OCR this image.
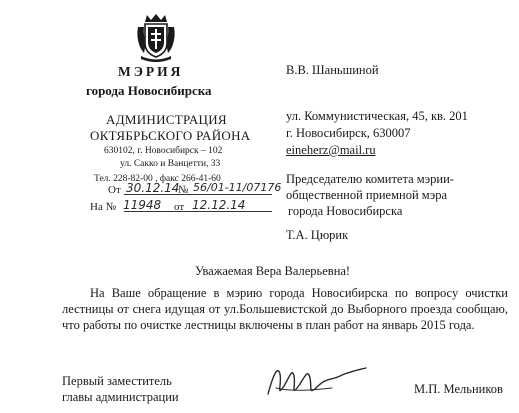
МЭРИЯ
города Новосибирска
АДМИНИСТРАЦИЯ
ОКТЯБРЬСКОГО РАЙОНА
630102, г. Новосибирск – 102
ул. Сакко и Ванцетти, 33
Тел. 228-82-00 , факс 266-41-60
От 30.12.14
№ 56/01-11/07176
На № 11948 от 12.12.14
В.В. Шаньшиной
ул. Коммунистическая, 45, кв. 201
г. Новосибирск, 630007
eineherz@mail.ru
Председателю комитета мэрии-
общественной приемной мэра
города Новосибирска
Т.А. Цюрик
Уважаемая Вера Валерьевна!

На Ваше обращение в мэрию города Новосибирска по вопросу очистки лестницы от снега идущая от ул.Большевистской до Выборного проезда сообщаю, что работы по очистке лестницы включены в план работ на январь 2015 года.

Первый заместитель
главы администрации
М.П. Мельников
